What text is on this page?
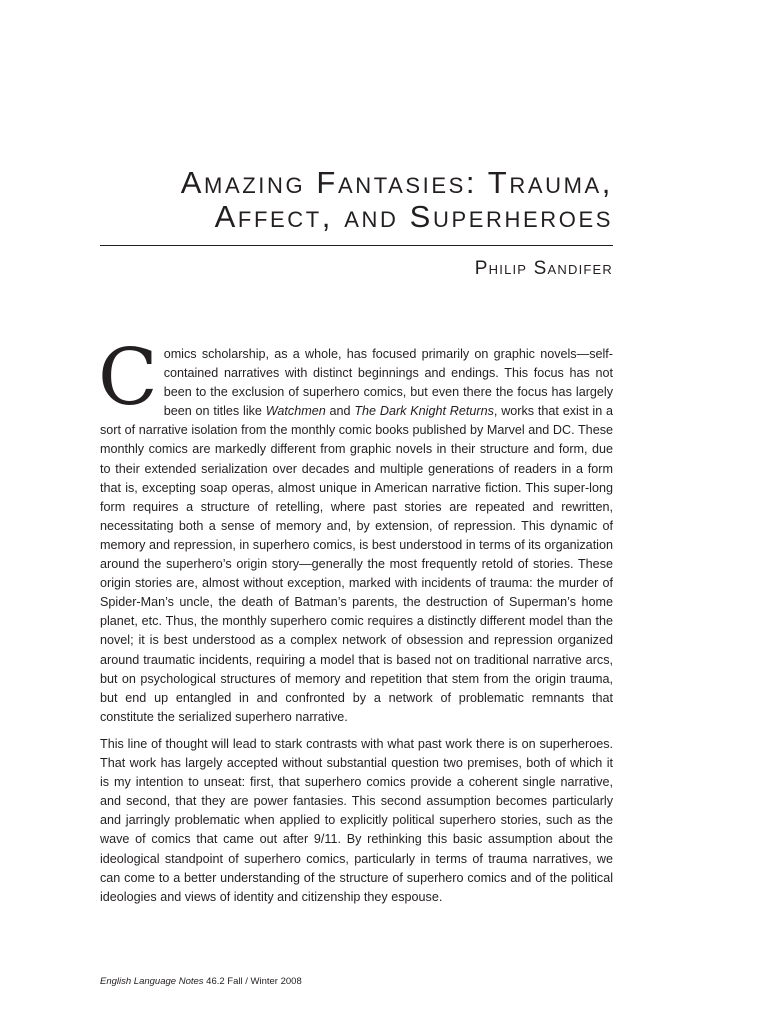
Amazing Fantasies: Trauma,
Affect, and Superheroes
Philip Sandifer

Comics scholarship, as a whole, has focused primarily on graphic novels—self-contained narratives with distinct beginnings and endings. This focus has not been to the exclusion of superhero comics, but even there the focus has largely been on titles like Watchmen and The Dark Knight Returns, works that exist in a sort of narrative isolation from the monthly comic books published by Marvel and DC. These monthly comics are markedly different from graphic novels in their structure and form, due to their extended serialization over decades and multiple generations of readers in a form that is, excepting soap operas, almost unique in American narrative fiction. This super-long form requires a structure of retelling, where past stories are repeated and rewritten, necessitating both a sense of memory and, by extension, of repression. This dynamic of memory and repression, in superhero comics, is best understood in terms of its organization around the superhero’s origin story—generally the most frequently retold of stories. These origin stories are, almost without exception, marked with incidents of trauma: the murder of Spider-Man’s uncle, the death of Batman’s parents, the destruction of Superman’s home planet, etc. Thus, the monthly superhero comic requires a distinctly different model than the novel; it is best understood as a complex network of obsession and repression organized around traumatic incidents, requiring a model that is based not on traditional narrative arcs, but on psychological structures of memory and repetition that stem from the origin trauma, but end up entangled in and confronted by a network of problematic remnants that constitute the serialized superhero narrative.

This line of thought will lead to stark contrasts with what past work there is on superheroes. That work has largely accepted without substantial question two premises, both of which it is my intention to unseat: first, that superhero comics provide a coherent single narrative, and second, that they are power fantasies. This second assumption becomes particularly and jarringly problematic when applied to explicitly political superhero stories, such as the wave of comics that came out after 9/11. By rethinking this basic assumption about the ideological standpoint of superhero comics, particularly in terms of trauma narratives, we can come to a better understanding of the structure of superhero comics and of the political ideologies and views of identity and citizenship they espouse.

English Language Notes 46.2 Fall / Winter 2008
